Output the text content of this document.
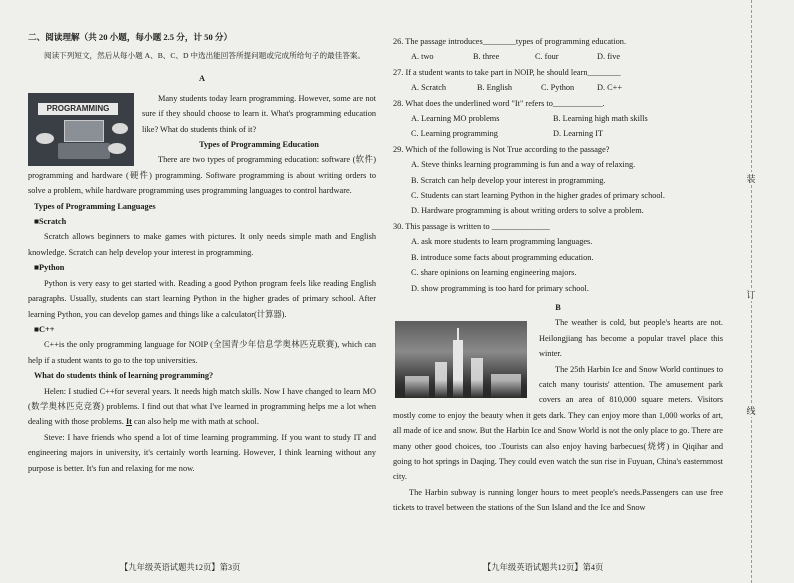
二、阅读理解（共 20 小题，每小题 2.5 分，计 50 分）

阅读下列短文，然后从每小题 A、B、C、D 中选出能回答所提问题或完成所给句子的最佳答案。

A

PROGRAMMING

Many students today learn programming. However, some are not sure if they should choose to learn it. What's programming education like? What do students think of it?

Types of Programming Education

There are two types of programming education: software (软件) programming and hardware (硬件) programming. Software programming is about writing orders to solve a problem, while hardware programming uses programming languages to control hardware.

Types of Programming Languages

■Scratch

Scratch allows beginners to make games with pictures. It only needs simple math and English knowledge. Scratch can help develop your interest in programming.

■Python

Python is very easy to get started with. Reading a good Python program feels like reading English paragraphs. Usually, students can start learning Python in the higher grades of primary school. After learning Python, you can develop games and things like a calculator(计算器).

■C++

C++is the only programming language for NOIP (全国青少年信息学奥林匹克联赛), which can help if a student wants to go to the top universities.

What do students think of learning programming?

Helen: I studied C++for several years. It needs high match skills. Now I have changed to learn MO (数学奥林匹克竞赛) problems. I find out that what I've learned in programming helps me a lot when dealing with those problems. It can also help me with math at school.

Steve: I have friends who spend a lot of time learning programming. If you want to study IT and engineering majors in university, it's certainly worth learning. However, I think learning without any purpose is better. It's fun and relaxing for me now.

【九年级英语试题共12页】第3页

26. The passage introduces________types of programming education.

A. two	B. three	C. four	D. five

27. If a student wants to take part in NOIP, he should learn________

A. Scratch	B. English	C. Python	D. C++

28. What does the underlined word "It" refers to____________.

A. Learning MO problems	B. Learning high math skills
C. Learning programming	D. Learning IT

29. Which of the following is Not True according to the passage?

A. Steve thinks learning programming is fun and a way of relaxing.

B. Scratch can help develop your interest in programming.

C. Students can start learning Python in the higher grades of primary school.

D. Hardware programming is about writing orders to solve a problem.

30. This passage is written to ______________

A. ask more students to learn programming languages.

B. introduce some facts about programming education.

C. share opinions on learning engineering majors.

D. show programming is too hard for primary school.

B

The weather is cold, but people's hearts are not. Heilongjiang has become a popular travel place this winter.

The 25th Harbin Ice and Snow World continues to catch many tourists' attention. The amusement park covers an area of 810,000 square meters. Visitors mostly come to enjoy the beauty when it gets dark. They can enjoy more than 1,000 works of art, all made of ice and snow. But the Harbin Ice and Snow World is not the only place to go. There are many other good choices, too .Tourists can also enjoy having barbecues(烧烤) in Qiqihar and going to hot springs in Daqing. They could even watch the sun rise in Fuyuan, China's easternmost city.

The Harbin subway is running longer hours to meet people's needs.Passengers can use free tickets to travel between the stations of the Sun Island and the Ice and Snow

【九年级英语试题共12页】第4页
装
订
线
